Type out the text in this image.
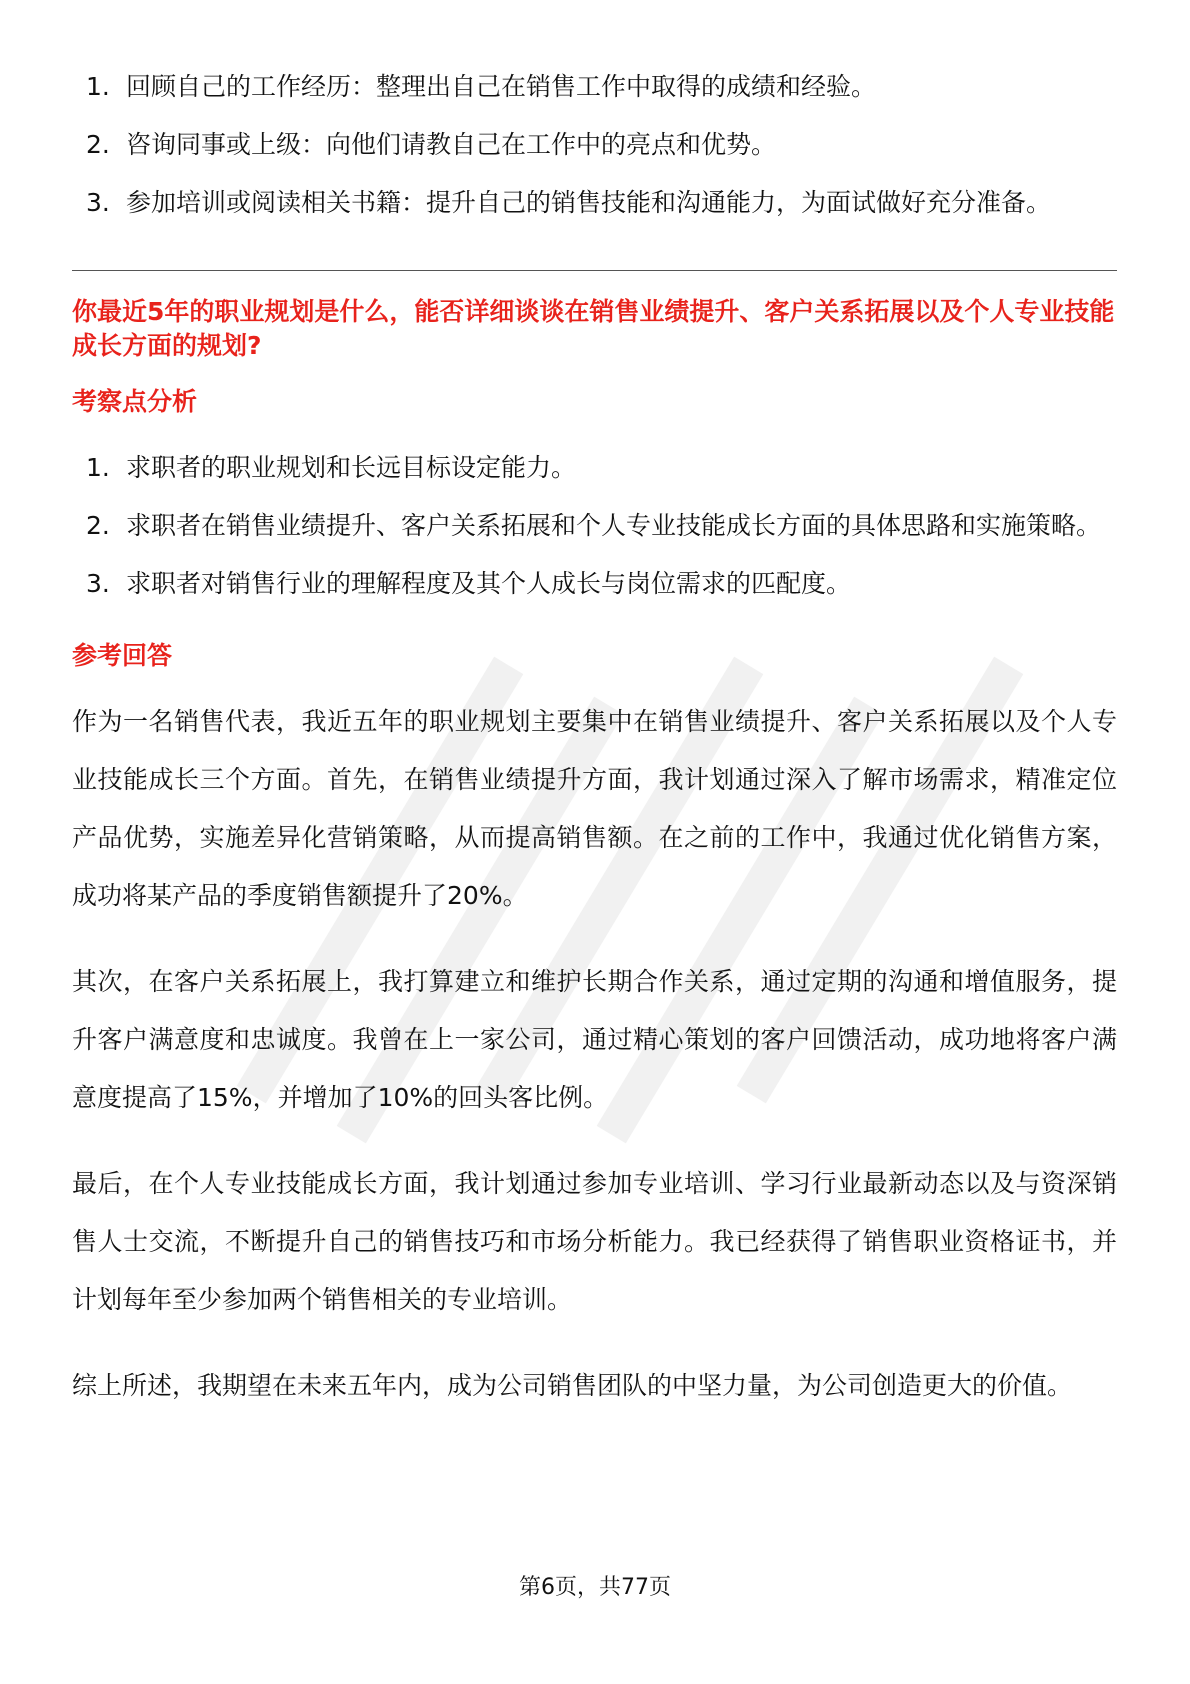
1. 回顾自己的工作经历：整理出自己在销售工作中取得的成绩和经验。
2. 咨询同事或上级：向他们请教自己在工作中的亮点和优势。
3. 参加培训或阅读相关书籍：提升自己的销售技能和沟通能力，为面试做好充分准备。

你最近5年的职业规划是什么，能否详细谈谈在销售业绩提升、客户关系拓展以及个人专业技能成长方面的规划?

考察点分析
1. 求职者的职业规划和长远目标设定能力。
2. 求职者在销售业绩提升、客户关系拓展和个人专业技能成长方面的具体思路和实施策略。
3. 求职者对销售行业的理解程度及其个人成长与岗位需求的匹配度。
参考回答

作为一名销售代表，我近五年的职业规划主要集中在销售业绩提升、客户关系拓展以及个人专业技能成长三个方面。首先，在销售业绩提升方面，我计划通过深入了解市场需求，精准定位产品优势，实施差异化营销策略，从而提高销售额。在之前的工作中，我通过优化销售方案，成功将某产品的季度销售额提升了20%。

其次，在客户关系拓展上，我打算建立和维护长期合作关系，通过定期的沟通和增值服务，提升客户满意度和忠诚度。我曾在上一家公司，通过精心策划的客户回馈活动，成功地将客户满意度提高了15%，并增加了10%的回头客比例。

最后，在个人专业技能成长方面，我计划通过参加专业培训、学习行业最新动态以及与资深销售人士交流，不断提升自己的销售技巧和市场分析能力。我已经获得了销售职业资格证书，并计划每年至少参加两个销售相关的专业培训。

综上所述，我期望在未来五年内，成为公司销售团队的中坚力量，为公司创造更大的价值。

第6页，共77页
